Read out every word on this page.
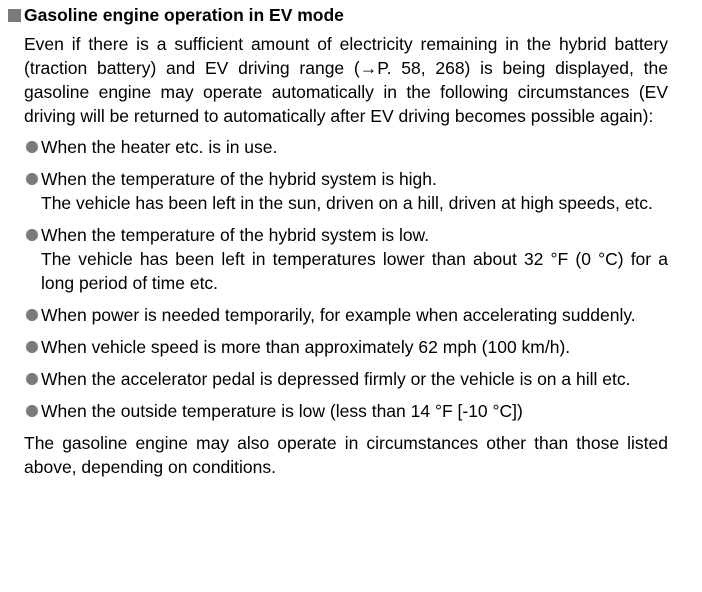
Gasoline engine operation in EV mode

Even if there is a sufficient amount of electricity remaining in the hybrid battery (traction battery) and EV driving range (→P. 58, 268) is being displayed, the gasoline engine may operate automatically in the following circumstances (EV driving will be returned to automatically after EV driving becomes possible again):

When the heater etc. is in use.
When the temperature of the hybrid system is high.
The vehicle has been left in the sun, driven on a hill, driven at high speeds, etc.
When the temperature of the hybrid system is low.
The vehicle has been left in temperatures lower than about 32 °F (0 °C) for a long period of time etc.
When power is needed temporarily, for example when accelerating suddenly.
When vehicle speed is more than approximately 62 mph (100 km/h).
When the accelerator pedal is depressed firmly or the vehicle is on a hill etc.
When the outside temperature is low (less than 14 °F [-10 °C])

The gasoline engine may also operate in circumstances other than those listed above, depending on conditions.
